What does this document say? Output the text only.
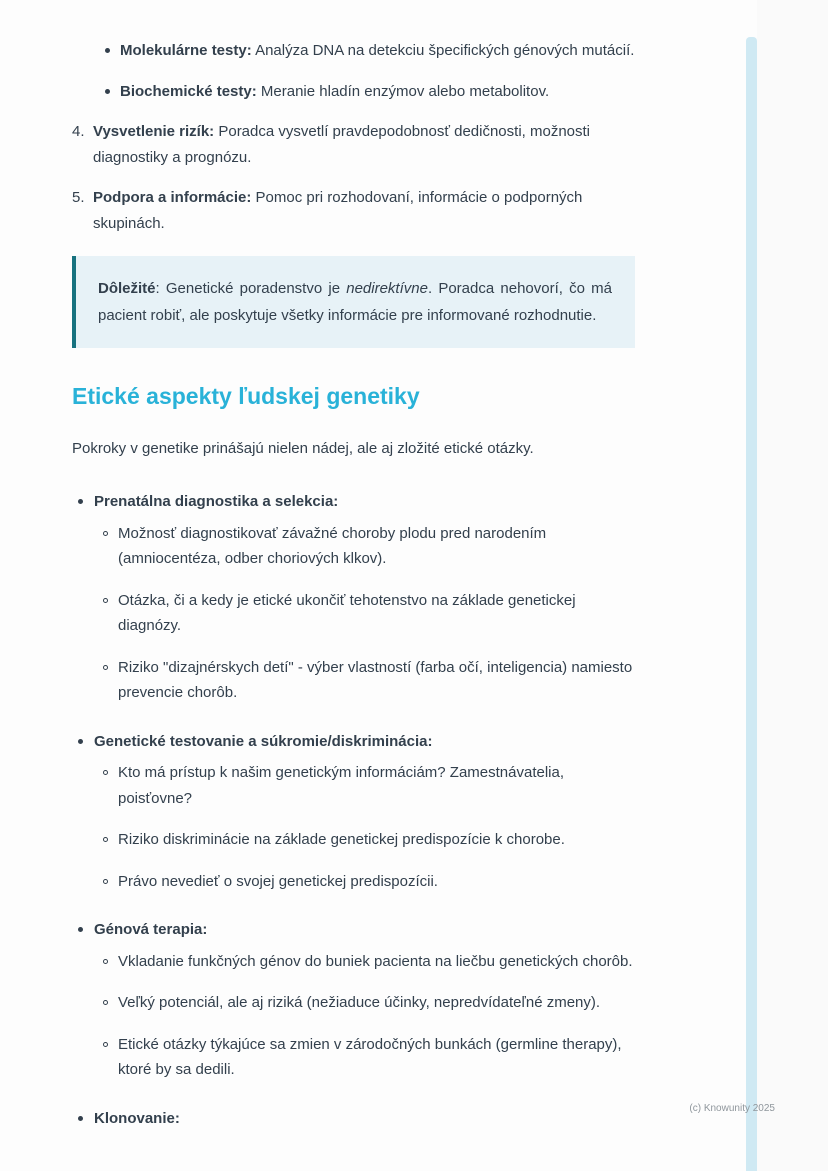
Molekulárne testy: Analýza DNA na detekciu špecifických génových mutácií.
Biochemické testy: Meranie hladín enzýmov alebo metabolitov.
4. Vysvetlenie rizík: Poradca vysvetlí pravdepodobnosť dedičnosti, možnosti diagnostiky a prognózu.
5. Podpora a informácie: Pomoc pri rozhodovaní, informácie o podporných skupinách.
Dôležité: Genetické poradenstvo je nedirektívne. Poradca nehovorí, čo má pacient robiť, ale poskytuje všetky informácie pre informované rozhodnutie.
Etické aspekty ľudskej genetiky

Pokroky v genetike prinášajú nielen nádej, ale aj zložité etické otázky.

Prenatálna diagnostika a selekcia:
Možnosť diagnostikovať závažné choroby plodu pred narodením (amniocentéza, odber choriových klkov).
Otázka, či a kedy je etické ukončiť tehotenstvo na základe genetickej diagnózy.
Riziko "dizajnérskych detí" - výber vlastností (farba očí, inteligencia) namiesto prevencie chorôb.
Genetické testovanie a súkromie/diskriminácia:
Kto má prístup k našim genetickým informáciám? Zamestnávatelia, poisťovne?
Riziko diskriminácie na základe genetickej predispozície k chorobe.
Právo nevedieť o svojej genetickej predispozícii.
Génová terapia:
Vkladanie funkčných génov do buniek pacienta na liečbu genetických chorôb.
Veľký potenciál, ale aj riziká (nežiaduce účinky, nepredvídateľné zmeny).
Etické otázky týkajúce sa zmien v zárodočných bunkách (germline therapy), ktoré by sa dedili.
Klonovanie:
(c) Knowunity 2025
